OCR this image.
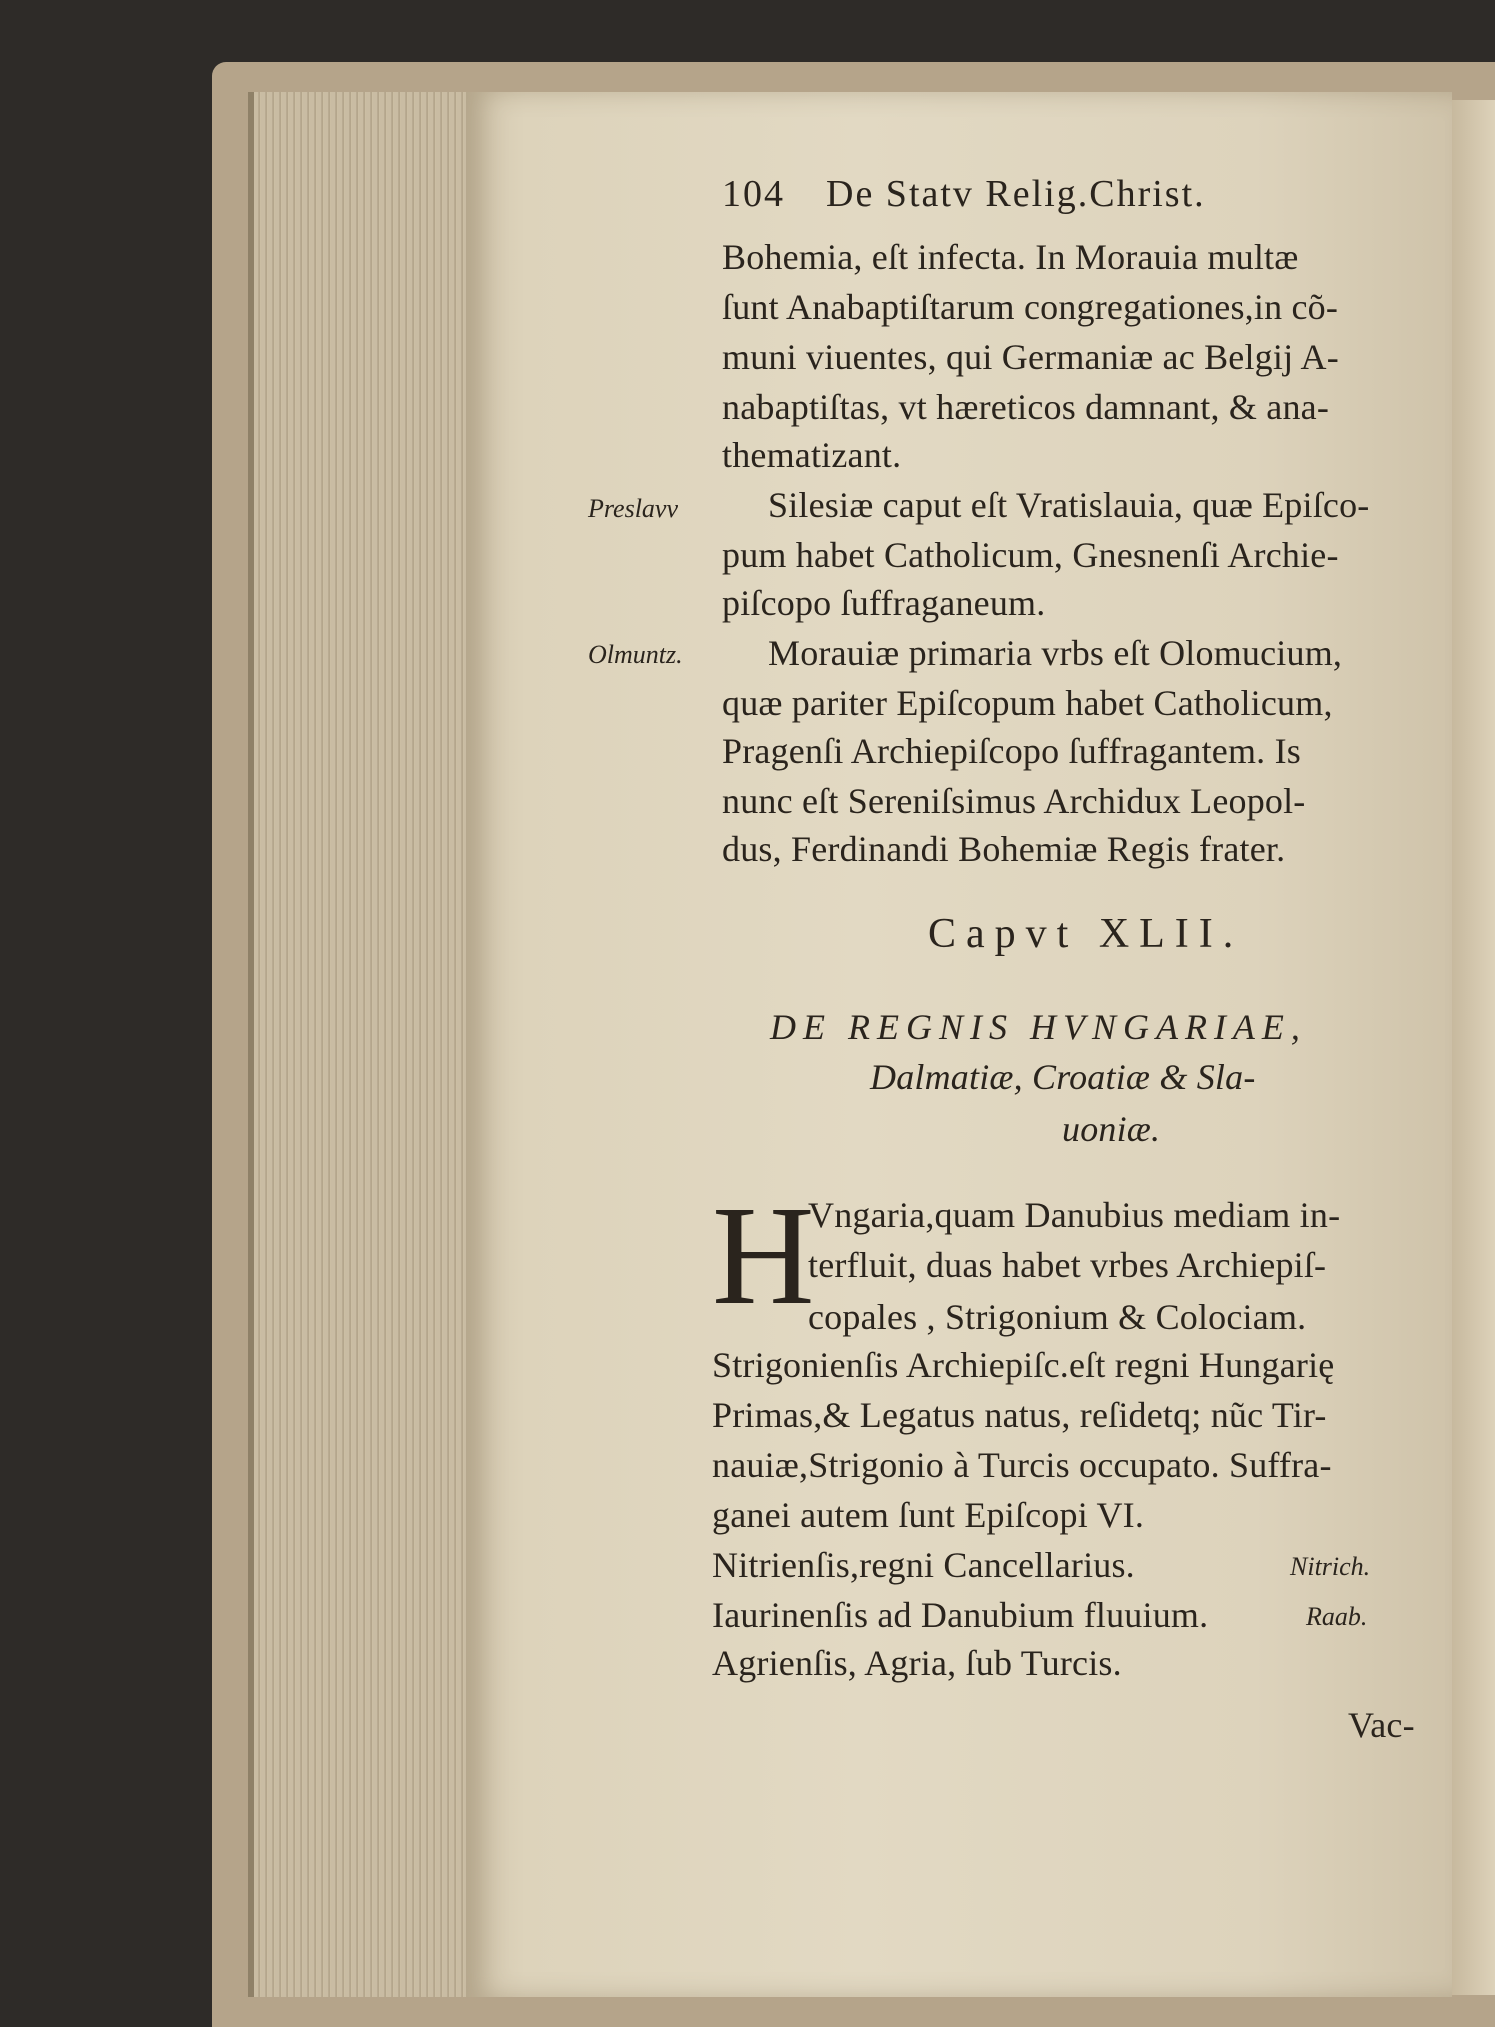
104 De Statv Relig.Christ.
Bohemia, eſt infecta. In Morauia multæ
ſunt Anabaptiſtarum congregationes,in cõ-
muni viuentes, qui Germaniæ ac Belgij A-
nabaptiſtas, vt hæreticos damnant, & ana-
thematizant.
Preslavv	Silesiæ caput eſt Vratislauia, quæ Epiſco-
pum habet Catholicum, Gnesnenſi Archie-
piſcopo ſuffraganeum.
Olmuntz. Morauiæ primaria vrbs eſt Olomucium,
quæ pariter Epiſcopum habet Catholicum,
Pragenſi Archiepiſcopo ſuffragantem. Is
nunc eſt Sereniſsimus Archidux Leopol-
dus, Ferdinandi Bohemiæ Regis frater.
Capvt XLII.
DE REGNIS HVNGARIAE,
Dalmatiæ, Croatiæ & Sla-
uoniæ.
H
Vngaria,quam Danubius mediam in-
terfluit, duas habet vrbes Archiepiſ-
copales , Strigonium & Colociam.
Strigonienſis Archiepiſc.eſt regni Hungarię
Primas,& Legatus natus, reſidetq; nũc Tir-
nauiæ,Strigonio à Turcis occupato. Suffra-
ganei autem ſunt Epiſcopi VI.
Nitrienſis,regni Cancellarius.	Nitrich.
Iaurinenſis ad Danubium fluuium.	Raab.
Agrienſis, Agria, ſub Turcis.
Vac-
